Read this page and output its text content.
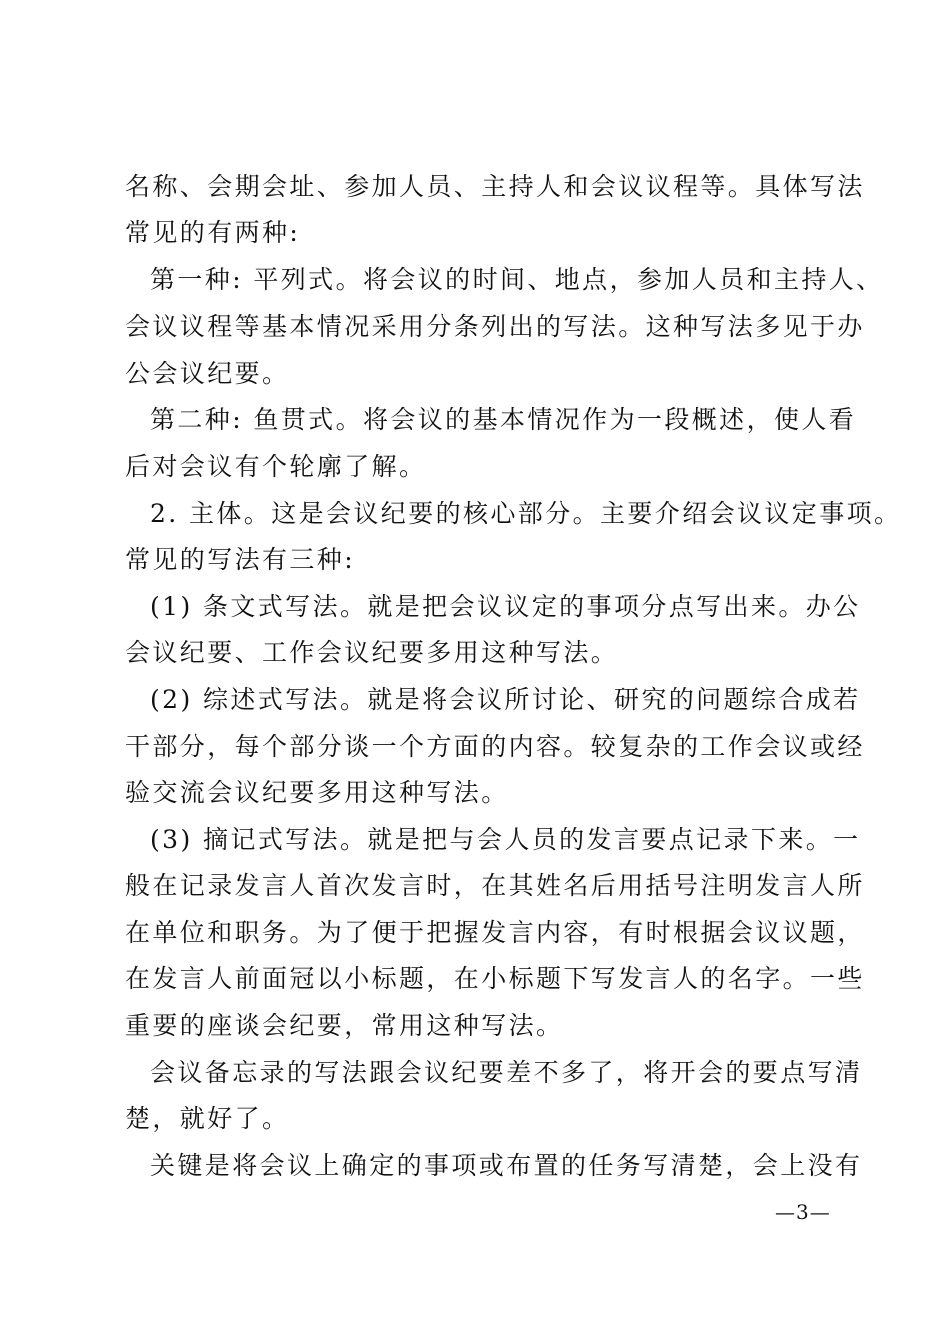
名称、会期会址、参加人员、主持人和会议议程等。具体写法
常见的有两种:
第一种: 平列式。将会议的时间、地点，参加人员和主持人、
会议议程等基本情况采用分条列出的写法。这种写法多见于办
公会议纪要。
第二种: 鱼贯式。将会议的基本情况作为一段概述，使人看
后对会议有个轮廓了解。
2. 主体。这是会议纪要的核心部分。主要介绍会议议定事项。
常见的写法有三种:
(1) 条文式写法。就是把会议议定的事项分点写出来。办公
会议纪要、工作会议纪要多用这种写法。
(2) 综述式写法。就是将会议所讨论、研究的问题综合成若
干部分，每个部分谈一个方面的内容。较复杂的工作会议或经
验交流会议纪要多用这种写法。
(3) 摘记式写法。就是把与会人员的发言要点记录下来。一
般在记录发言人首次发言时，在其姓名后用括号注明发言人所
在单位和职务。为了便于把握发言内容，有时根据会议议题，
在发言人前面冠以小标题，在小标题下写发言人的名字。一些
重要的座谈会纪要，常用这种写法。
会议备忘录的写法跟会议纪要差不多了，将开会的要点写清
楚，就好了。
关键是将会议上确定的事项或布置的任务写清楚，会上没有
—3—
